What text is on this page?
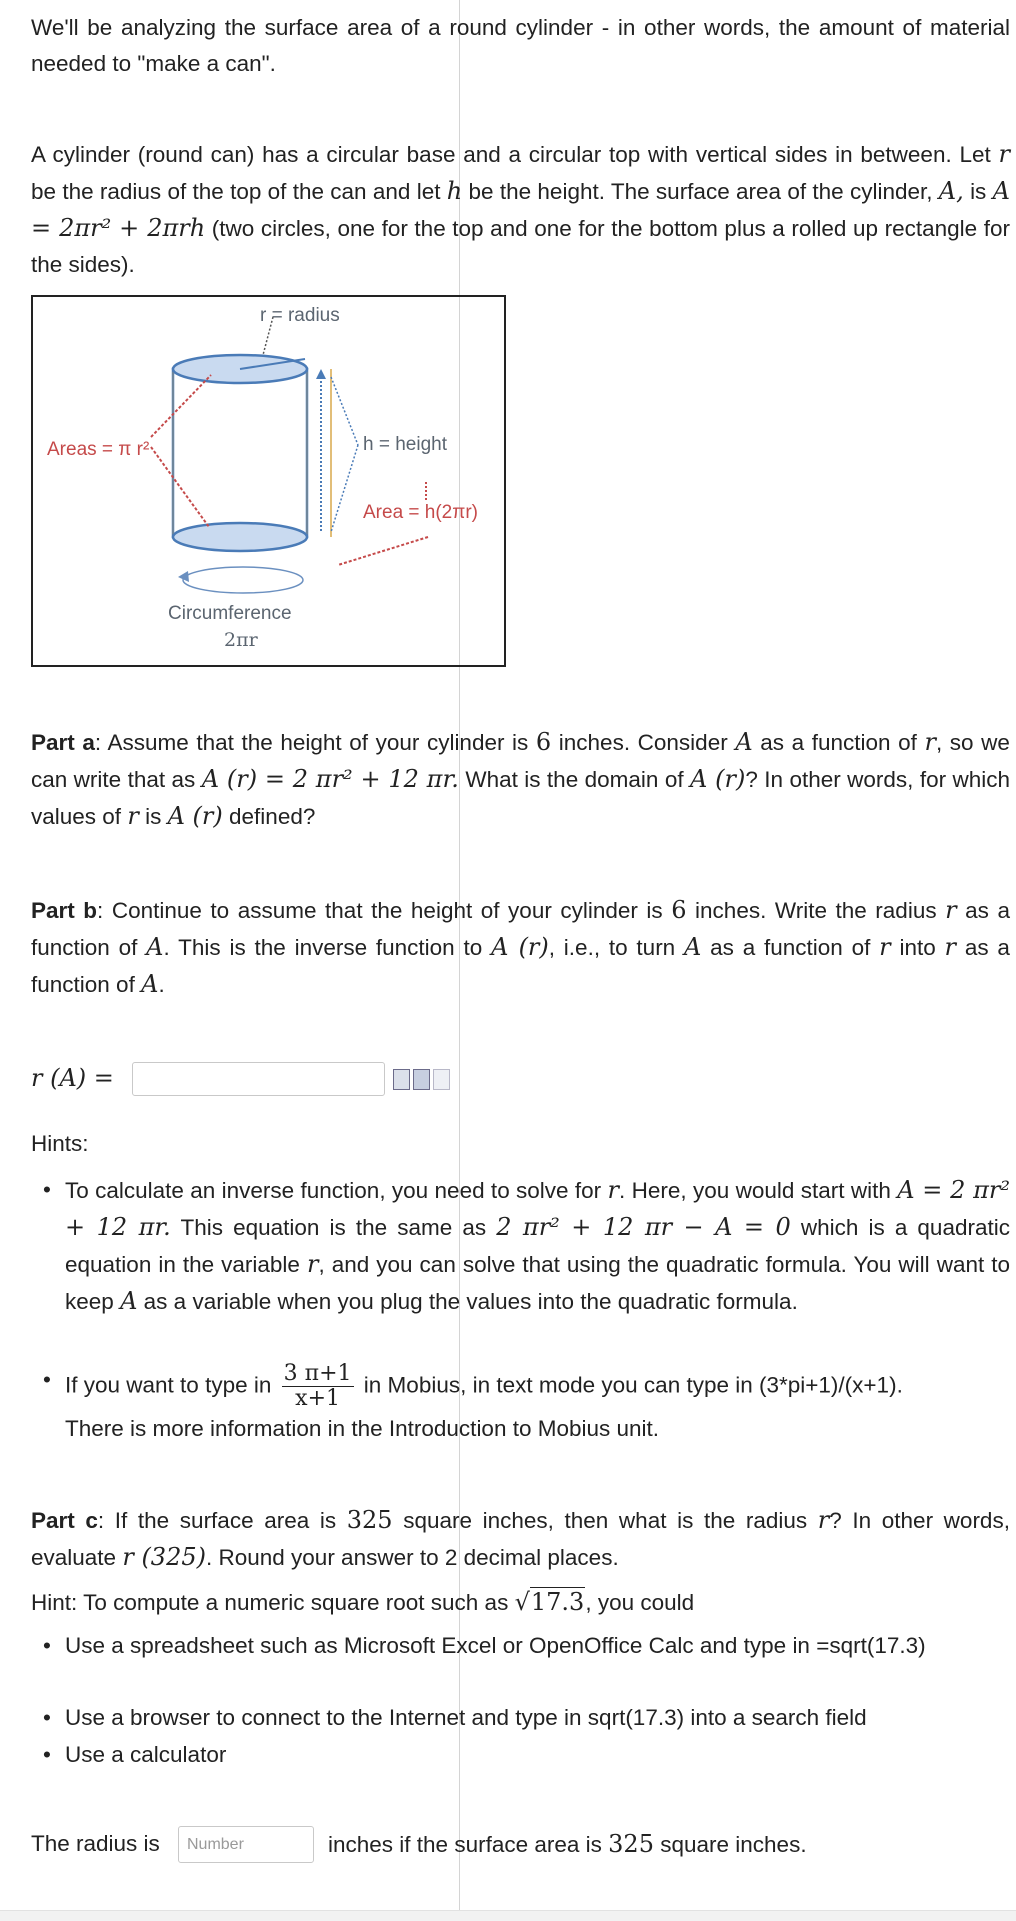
We'll be analyzing the surface area of a round cylinder - in other words, the amount of material needed to "make a can".

A cylinder (round can) has a circular base and a circular top with vertical sides in between. Let r be the radius of the top of the can and let h be the height. The surface area of the cylinder, A, is A = 2πr² + 2πrh (two circles, one for the top and one for the bottom plus a rolled up rectangle for the sides).

r = radius
Areas = π r²	h = height
Area = h(2πr)
Circumference
2πr

Part a: Assume that the height of your cylinder is 6 inches. Consider A as a function of r, so we can write that as A (r) = 2 πr² + 12 πr. What is the domain of A (r)? In other words, for which values of r is A (r) defined?

Part b: Continue to assume that the height of your cylinder is 6 inches. Write the radius r as a function of A. This is the inverse function to A (r), i.e., to turn A as a function of r into r as a function of A.

r (A) =
Hints:
• To calculate an inverse function, you need to solve for r. Here, you would start with A = 2 πr² + 12 πr. This equation is the same as 2 πr² + 12 πr − A = 0 which is a quadratic equation in the variable r, and you can solve that using the quadratic formula. You will want to keep A as a variable when you plug the values into the quadratic formula.

• If you want to type in $\frac{3 \pi+1}{x+1}$ in Mobius, in text mode you can type in (3*pi+1)/(x+1).

There is more information in the Introduction to Mobius unit.

Part c: If the surface area is 325 square inches, then what is the radius r? In other words, evaluate r (325). Round your answer to 2 decimal places.

Hint: To compute a numeric square root such as √17.3, you could
• Use a spreadsheet such as Microsoft Excel or OpenOffice Calc and type in =sqrt(17.3)

• Use a browser to connect to the Internet and type in sqrt(17.3) into a search field

• Use a calculator

The radius is	Number	inches if the surface area is 325 square inches.
